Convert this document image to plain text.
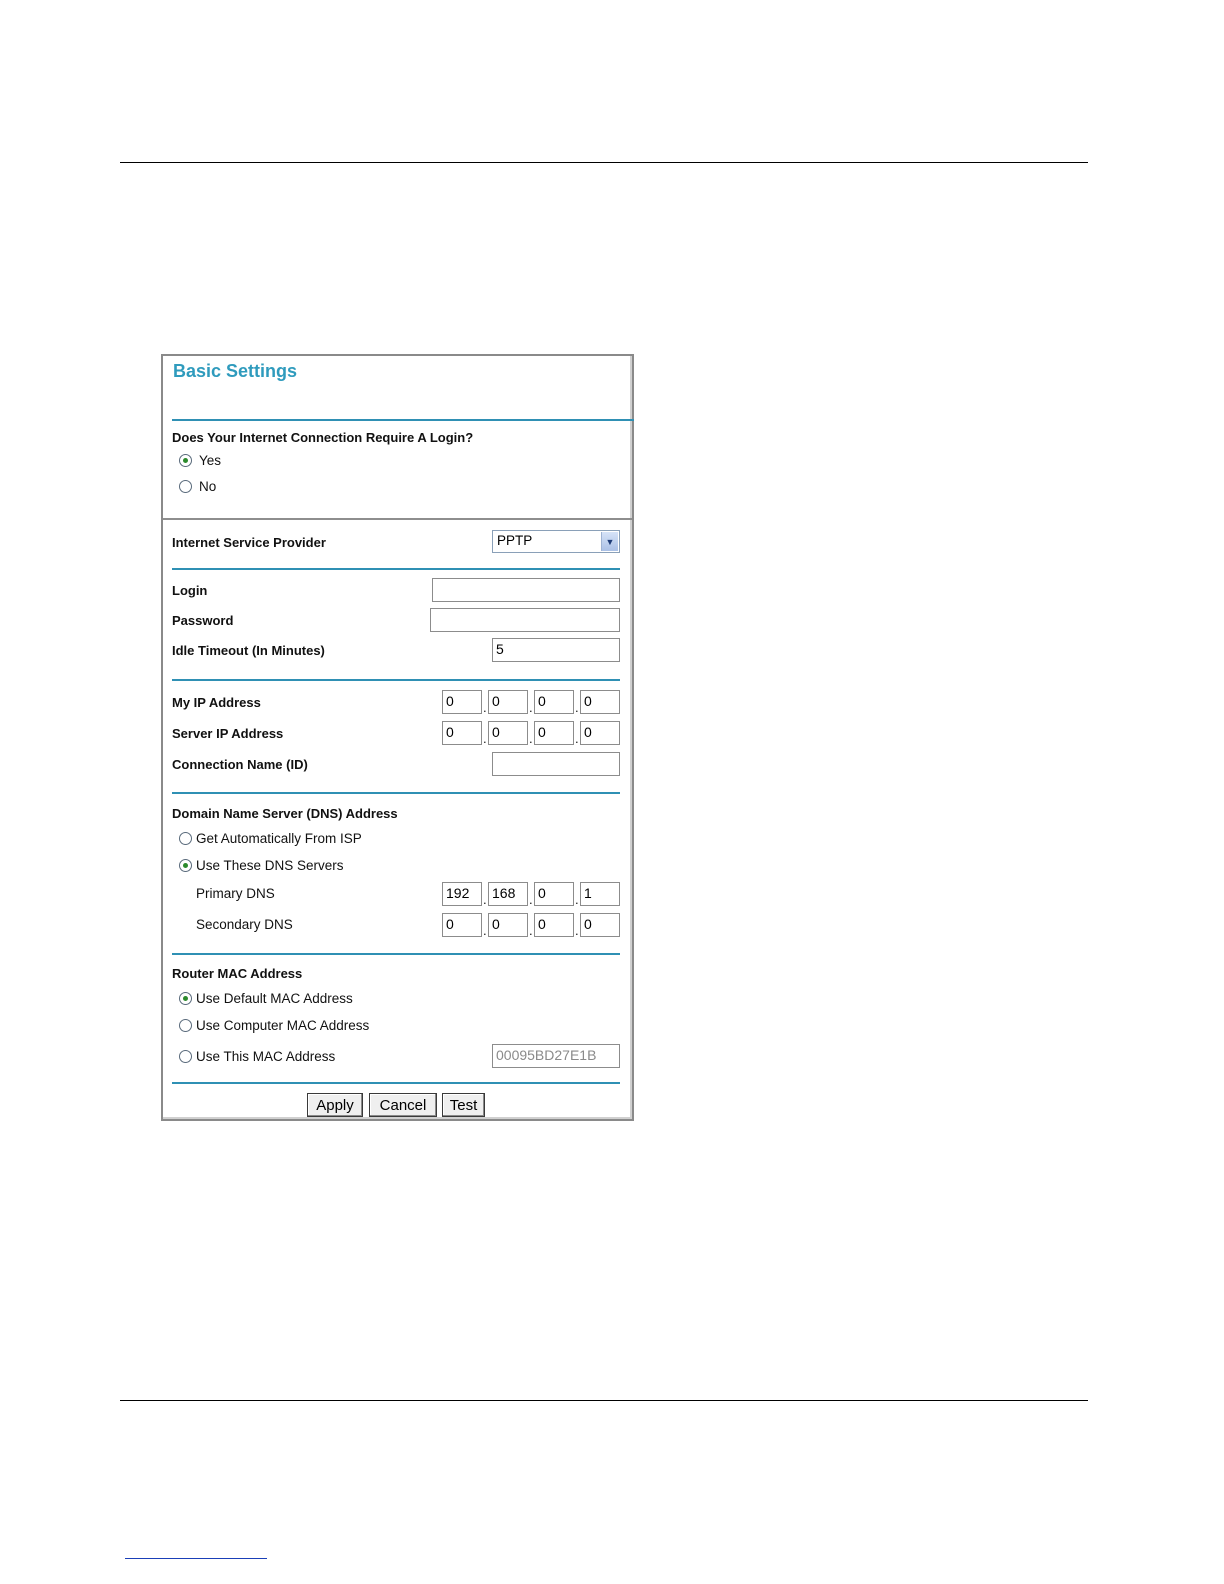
Basic Settings
Does Your Internet Connection Require A Login?
Yes
No
Internet Service Provider	PPTP	▼
Login
Password
Idle Timeout (In Minutes)	5
My IP Address	0	. 0	. 0	. 0
Server IP Address	0	. 0	. 0	. 0
Connection Name (ID)
Domain Name Server (DNS) Address
Get Automatically From ISP
Use These DNS Servers
Primary DNS	192	. 168	. 0	. 1
Secondary DNS	0	. 0	. 0	. 0
Router MAC Address
Use Default MAC Address
Use Computer MAC Address
Use This MAC Address	00095BD27E1B
Apply	Cancel	Test
